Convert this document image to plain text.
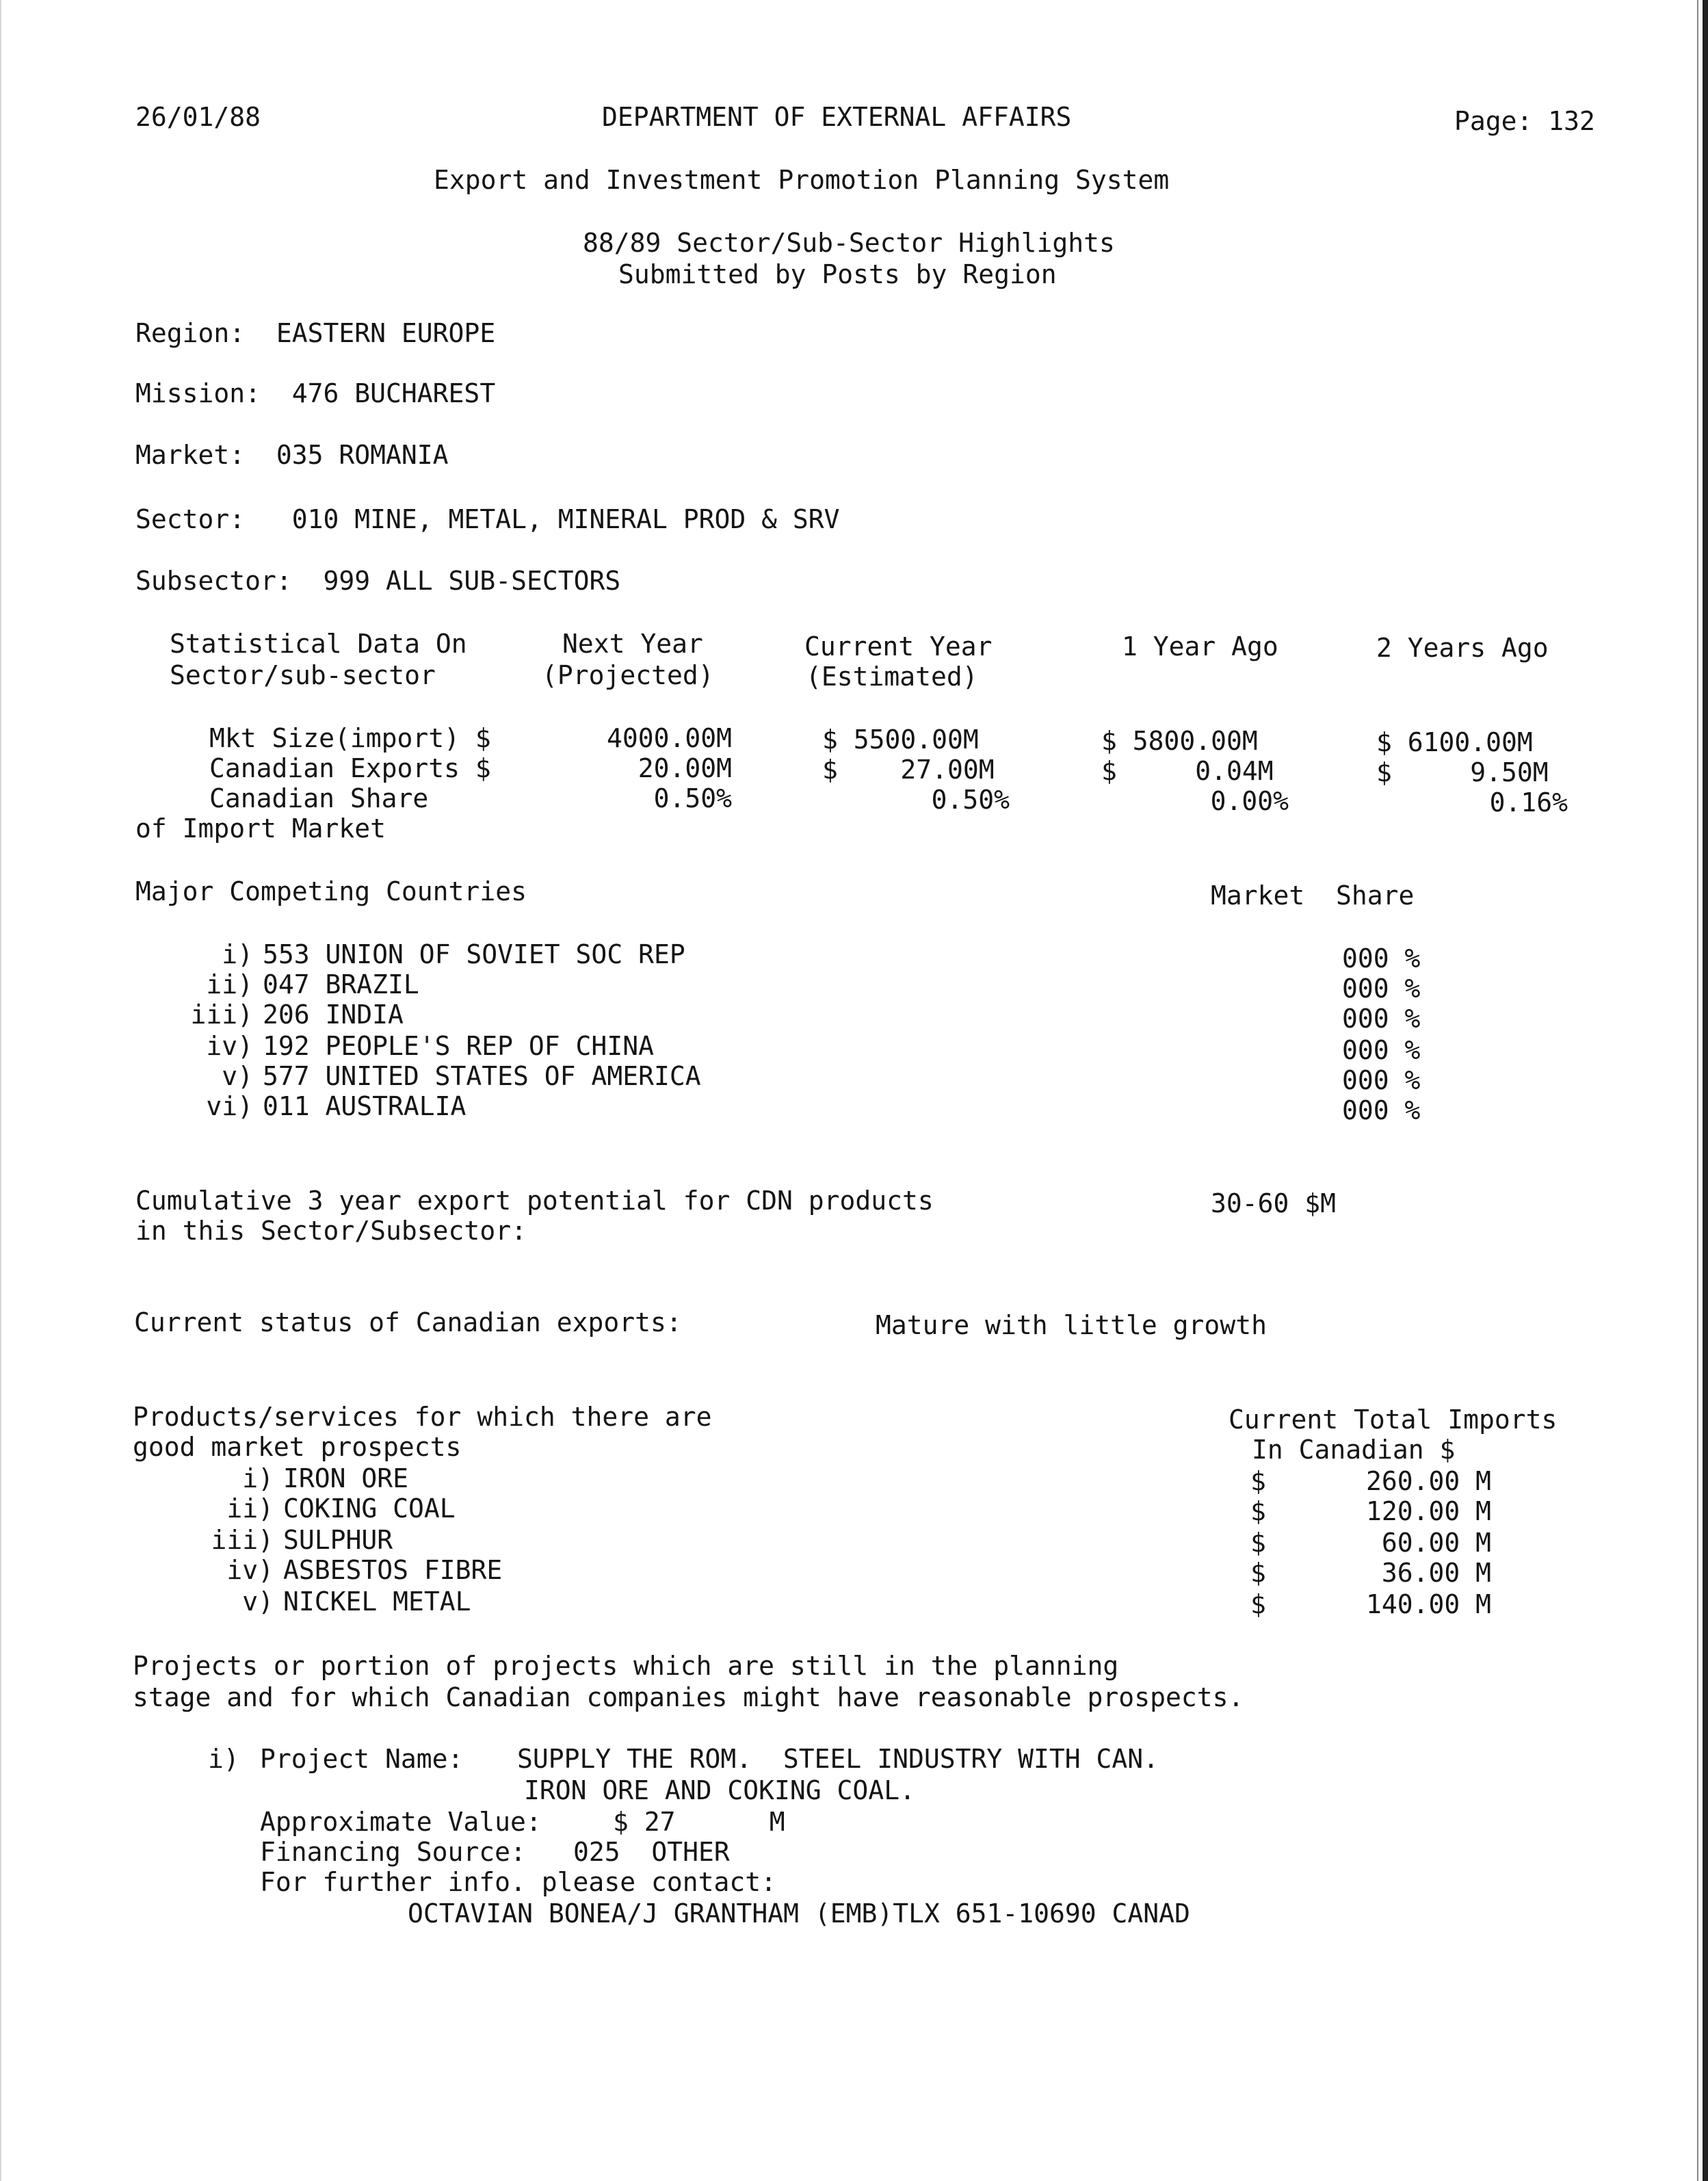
26/01/88	DEPARTMENT OF EXTERNAL AFFAIRS	Page: 132
Export and Investment Promotion Planning System
88/89 Sector/Sub-Sector Highlights
Submitted by Posts by Region
Region:  EASTERN EUROPE
Mission:  476 BUCHAREST
Market:  035 ROMANIA
Sector:   010 MINE, METAL, MINERAL PROD & SRV
Subsector:  999 ALL SUB-SECTORS
Statistical Data On
Sector/sub-sector
Next Year
(Projected)
Current Year
(Estimated)
1 Year Ago	2 Years Ago
Mkt Size(import) $	4000.00M	$ 5500.00M	$ 5800.00M	$ 6100.00M
Canadian Exports $	20.00M	$    27.00M	$     0.04M	$     9.50M
Canadian Share	0.50%	0.50%	0.00%	0.16%
of Import Market
Major Competing Countries	Market  Share
i) 553 UNION OF SOVIET SOC REP	000 %
ii) 047 BRAZIL	000 %
iii) 206 INDIA	000 %
iv) 192 PEOPLE'S REP OF CHINA	000 %
v) 577 UNITED STATES OF AMERICA	000 %
vi) 011 AUSTRALIA	000 %
Cumulative 3 year export potential for CDN products
in this Sector/Subsector:
30-60 $M
Current status of Canadian exports:	Mature with little growth
Products/services for which there are
good market prospects
Current Total Imports
In Canadian $
i) IRON ORE	$	260.00 M
ii) COKING COAL	$	120.00 M
iii) SULPHUR	$	60.00 M
iv) ASBESTOS FIBRE	$	36.00 M
v) NICKEL METAL	$	140.00 M
Projects or portion of projects which are still in the planning
stage and for which Canadian companies might have reasonable prospects.
i) Project Name: SUPPLY THE ROM.  STEEL INDUSTRY WITH CAN.
IRON ORE AND COKING COAL.
Approximate Value:	$ 27      M
Financing Source: 025  OTHER
For further info. please contact:
OCTAVIAN BONEA/J GRANTHAM (EMB)TLX 651-10690 CANAD
